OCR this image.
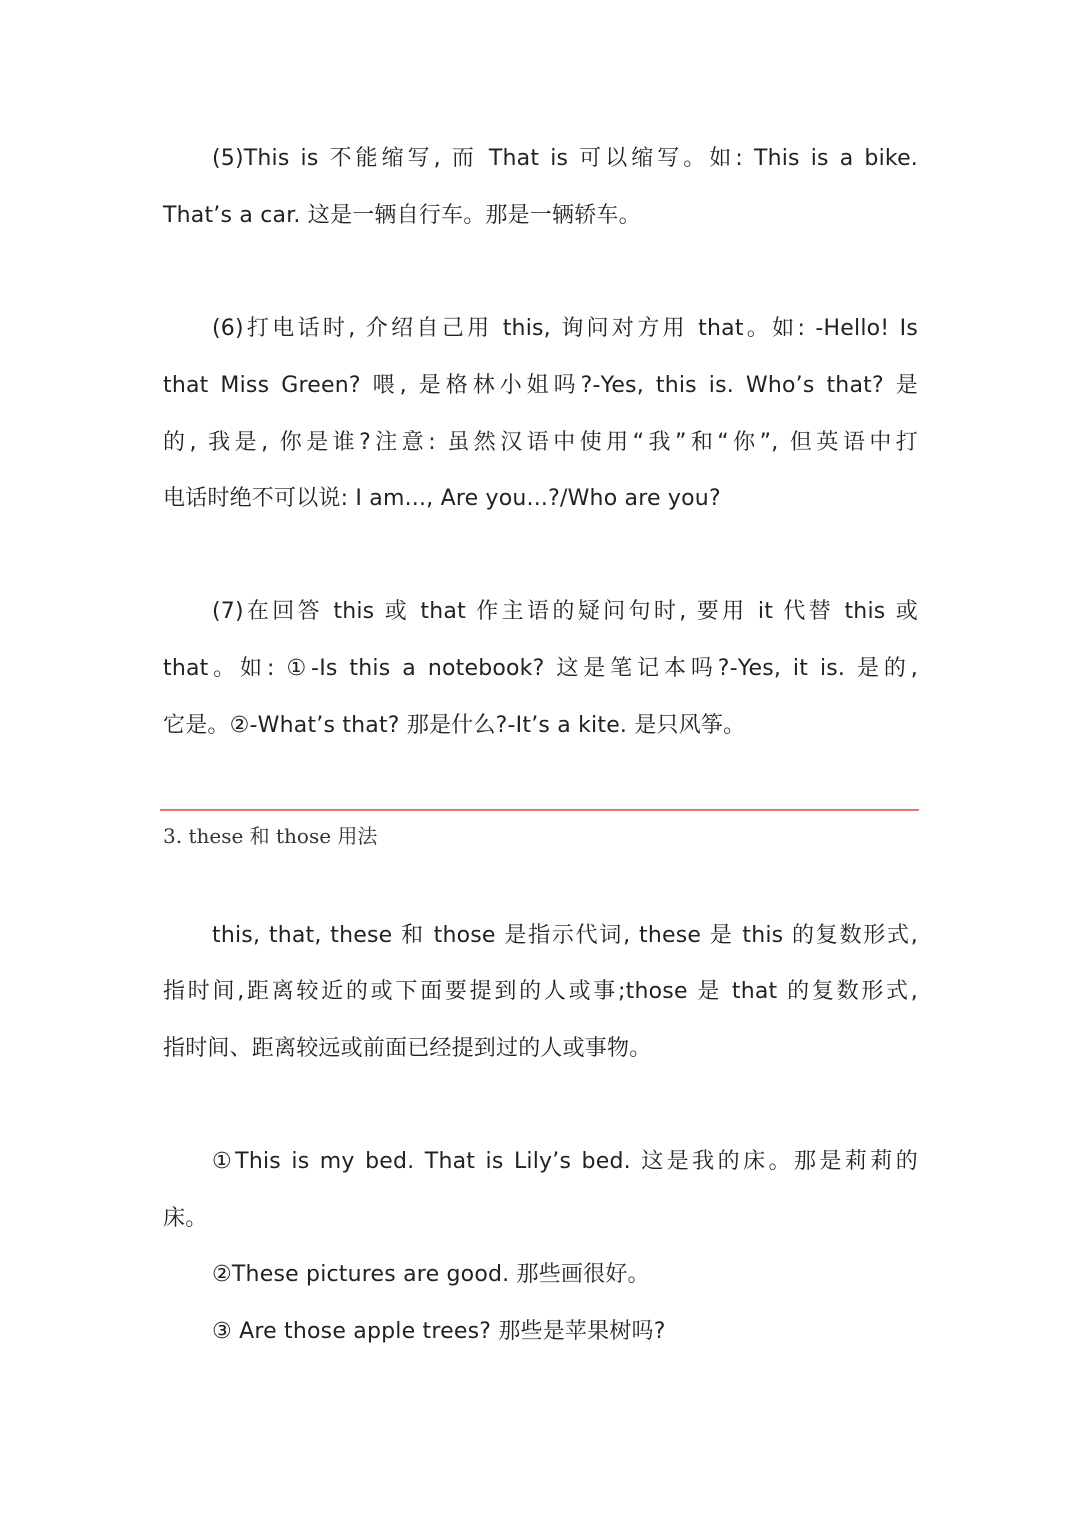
(5)This is 不能缩写, 而 That is 可以缩写。如: This is a bike.
That’s a car. 这是一辆自行车。那是一辆轿车。
(6)打电话时, 介绍自己用 this, 询问对方用 that。如: -Hello! Is
that Miss Green? 喂, 是格林小姐吗?-Yes, this is. Who’s that? 是
的, 我是, 你是谁?注意: 虽然汉语中使用“我”和“你”, 但英语中打
电话时绝不可以说: I am..., Are you...?/Who are you?
(7)在回答 this 或 that 作主语的疑问句时, 要用 it 代替 this 或
that。如: ①-Is this a notebook? 这是笔记本吗?-Yes, it is. 是的,
它是。②-What’s that? 那是什么?-It’s a kite. 是只风筝。
3. these 和 those 用法
this, that, these 和 those 是指示代词, these 是 this 的复数形式,
指时间,距离较近的或下面要提到的人或事;those 是 that 的复数形式,
指时间、距离较远或前面已经提到过的人或事物。
①This is my bed. That is Lily’s bed. 这是我的床。那是莉莉的
床。
②These pictures are good. 那些画很好。
③ Are those apple trees? 那些是苹果树吗?
